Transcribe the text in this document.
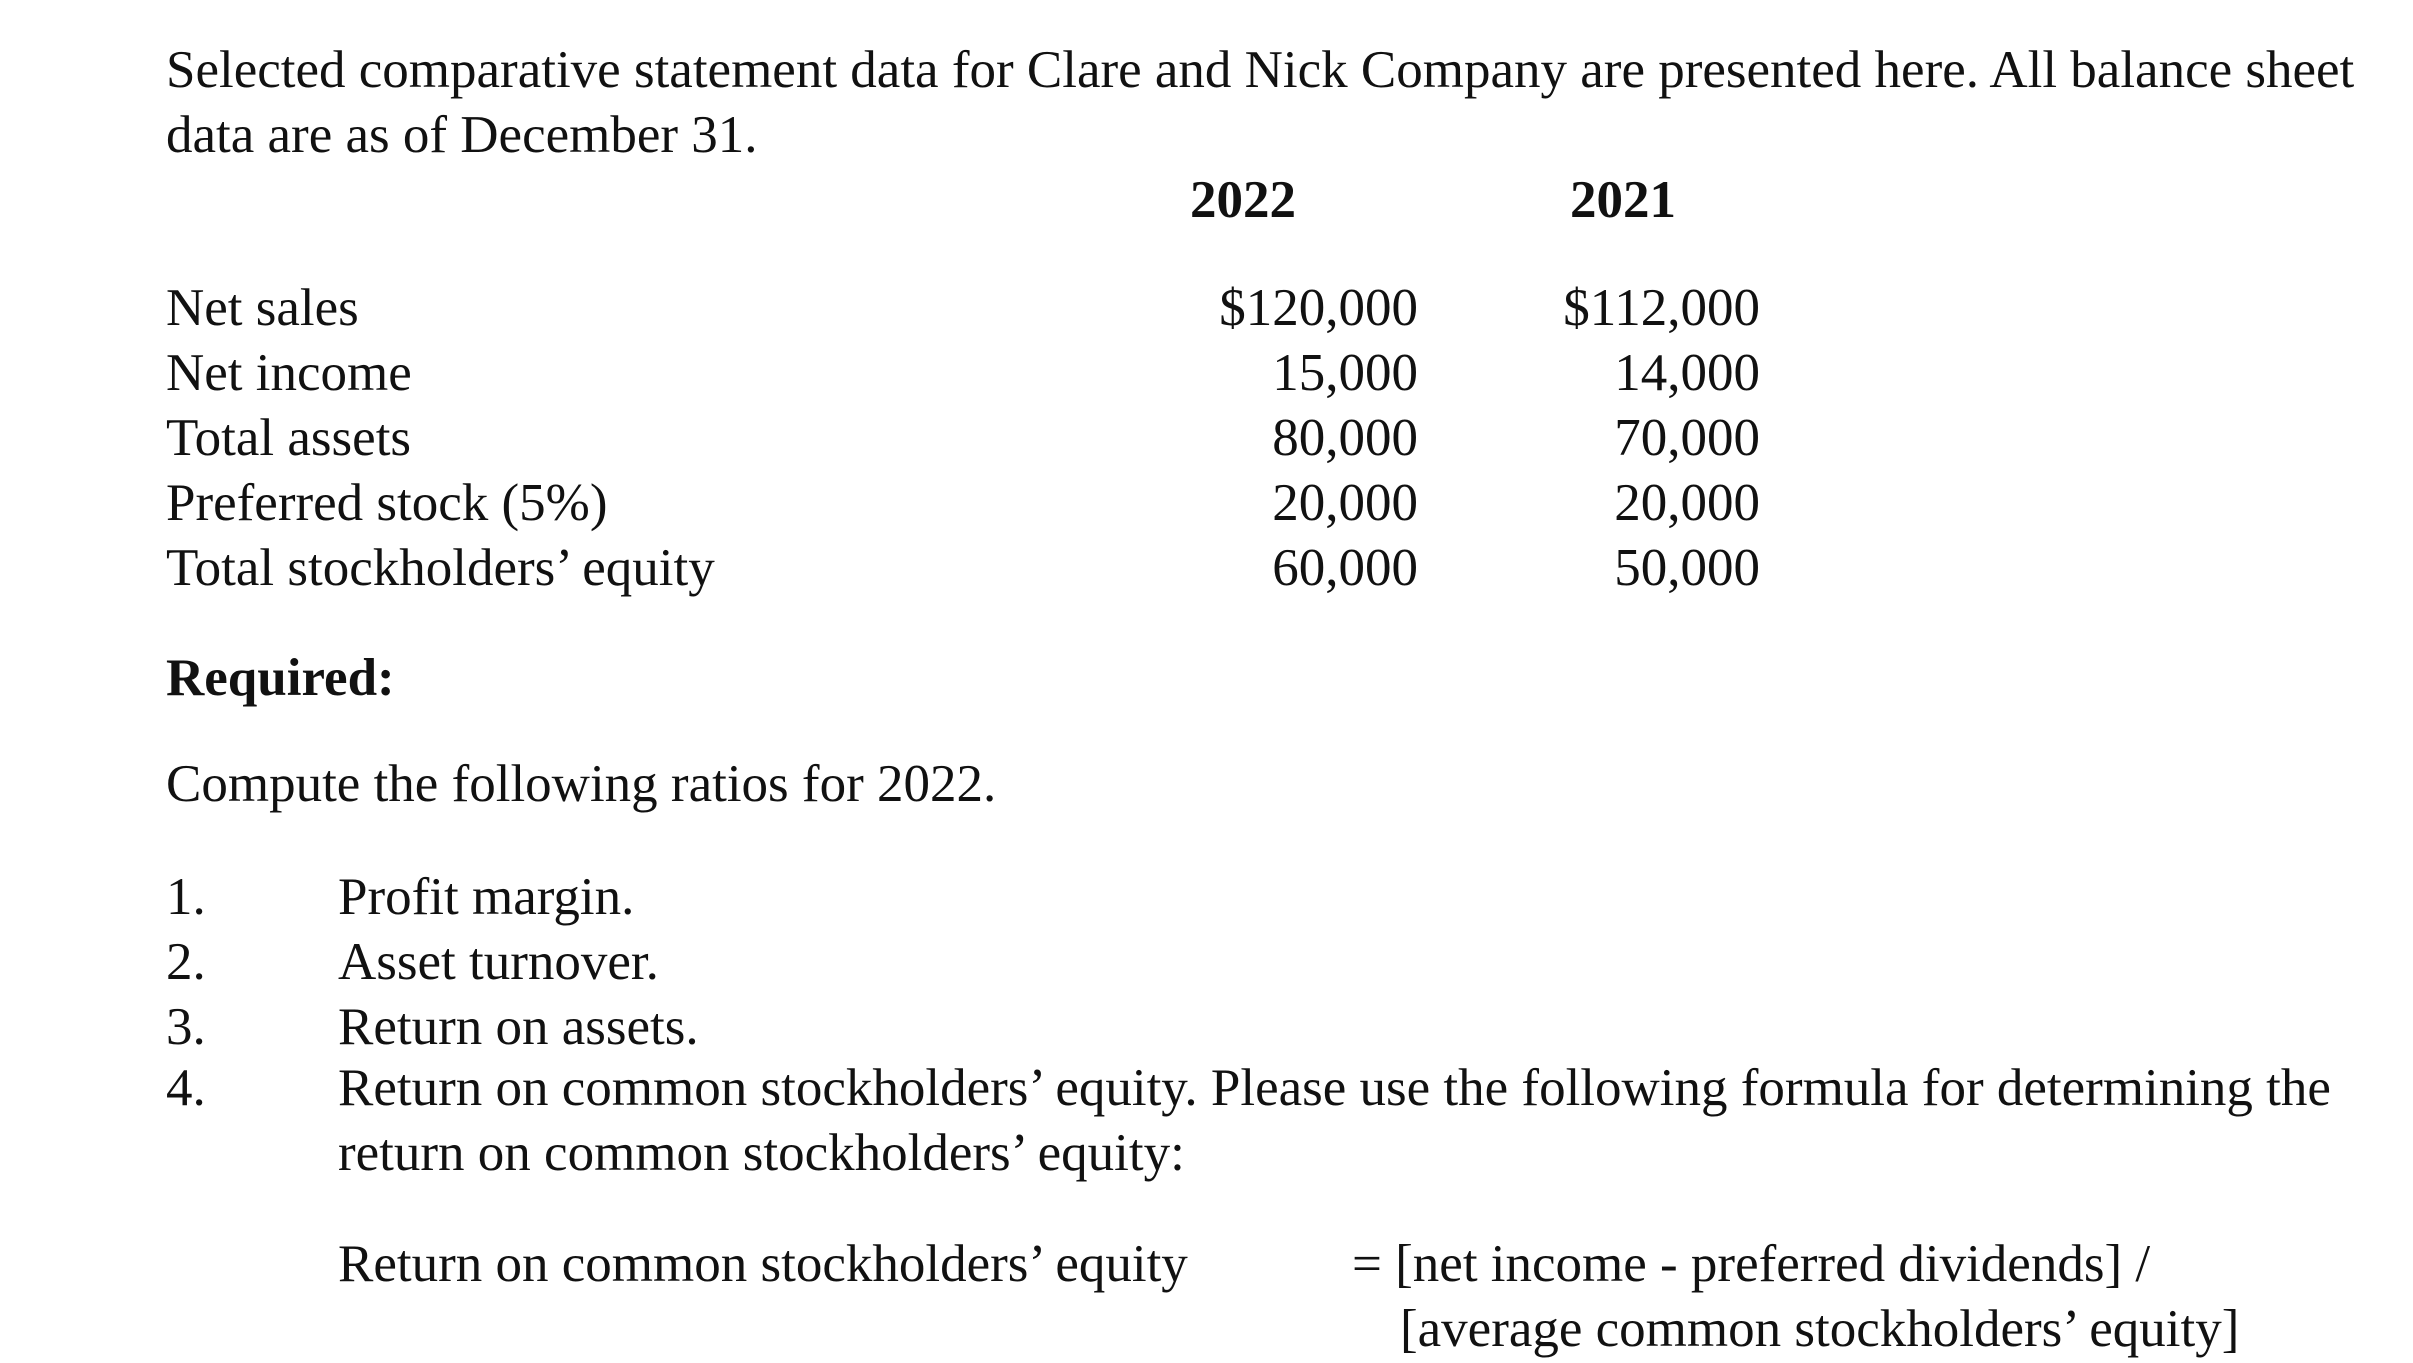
Selected comparative statement data for Clare and Nick Company are presented here. All balance sheet data are as of December 31.
2022	2021
Net sales	$120,000	$112,000
Net income	15,000	14,000
Total assets	80,000	70,000
Preferred stock (5%)	20,000	20,000
Total stockholders’ equity	60,000	50,000
Required:
Compute the following ratios for 2022.
1. Profit margin.
2. Asset turnover.
3. Return on assets.
4. Return on common stockholders’ equity. Please use the following formula for determining the return on common stockholders’ equity:
Return on common stockholders’ equity	= [net income - preferred dividends] /
[average common stockholders’ equity]
